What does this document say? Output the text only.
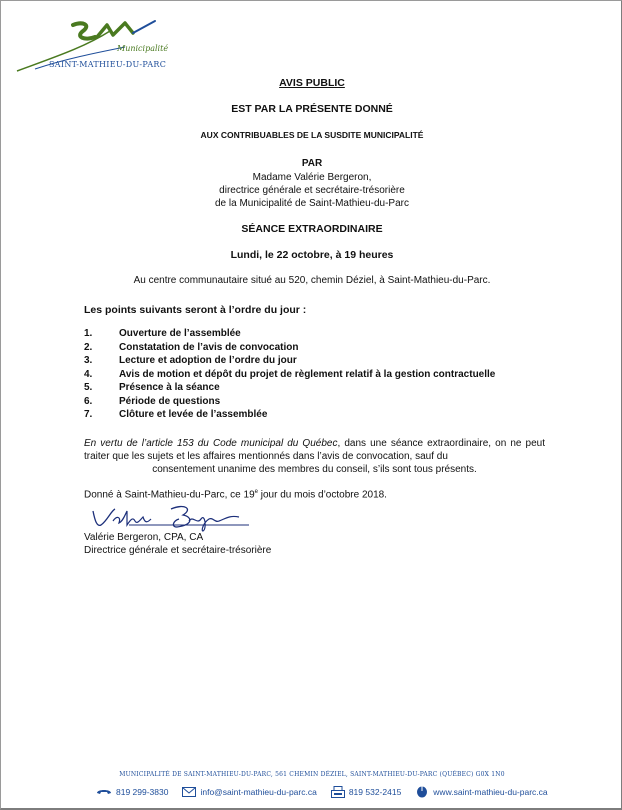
Municipalité
SAINT-MATHIEU-DU-PARC
AVIS PUBLIC
EST PAR LA PRÉSENTE DONNÉ
AUX CONTRIBUABLES DE LA SUSDITE MUNICIPALITÉ
PAR
Madame Valérie Bergeron,
directrice générale et secrétaire-trésorière
de la Municipalité de Saint-Mathieu-du-Parc
SÉANCE EXTRAORDINAIRE
Lundi, le 22 octobre, à 19 heures
Au centre communautaire situé au 520, chemin Déziel, à Saint-Mathieu-du-Parc.
Les points suivants seront à l’ordre du jour :
1.	Ouverture de l’assemblée
2.	Constatation de l’avis de convocation
3.	Lecture et adoption de l’ordre du jour
4.	Avis de motion et dépôt du projet de règlement relatif à la gestion contractuelle
5.	Présence à la séance
6.	Période de questions
7.	Clôture et levée de l’assemblée
En vertu de l’article 153 du Code municipal du Québec, dans une séance extraordinaire, on ne peut traiter que les sujets et les affaires mentionnés dans l’avis de convocation, sauf du
consentement unanime des membres du conseil, s’ils sont tous présents.
Donné à Saint-Mathieu-du-Parc, ce 19e jour du mois d’octobre 2018.
Valérie Bergeron, CPA, CA
Directrice générale et secrétaire-trésorière
MUNICIPALITÉ DE SAINT-MATHIEU-DU-PARC, 561 CHEMIN DÉZIEL, SAINT-MATHIEU-DU-PARC (QUÉBEC) G0X 1N0
819 299-3830	info@saint-mathieu-du-parc.ca	819 532-2415	www.saint-mathieu-du-parc.ca
